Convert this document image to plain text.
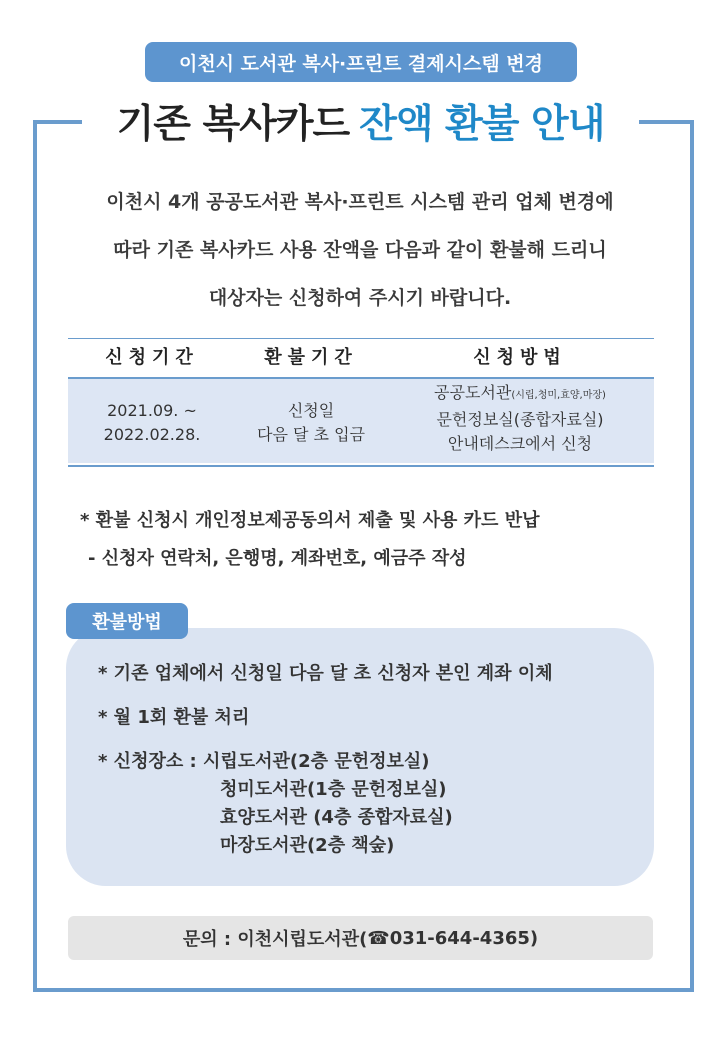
이천시 도서관 복사·프린트 결제시스템 변경
기존 복사카드 잔액 환불 안내
이천시 4개 공공도서관 복사·프린트 시스템 관리 업체 변경에
따라 기존 복사카드 사용 잔액을 다음과 같이 환불해 드리니
대상자는 신청하여 주시기 바랍니다.
신청기간	환불기간	신청방법
2021.09. ~
2022.02.28.
신청일
다음 달 초 입금
공공도서관(시립,청미,효양,마장)
문헌정보실(종합자료실)
안내데스크에서 신청
* 환불 신청시 개인정보제공동의서 제출 및 사용 카드 반납
- 신청자 연락처, 은행명, 계좌번호, 예금주 작성
환불방법
* 기존 업체에서 신청일 다음 달 초 신청자 본인 계좌 이체
* 월 1회 환불 처리
* 신청장소 : 시립도서관(2층 문헌정보실)
청미도서관(1층 문헌정보실)
효양도서관 (4층 종합자료실)
마장도서관(2층 책숲)
문의 : 이천시립도서관( ☎ 031-644-4365)
